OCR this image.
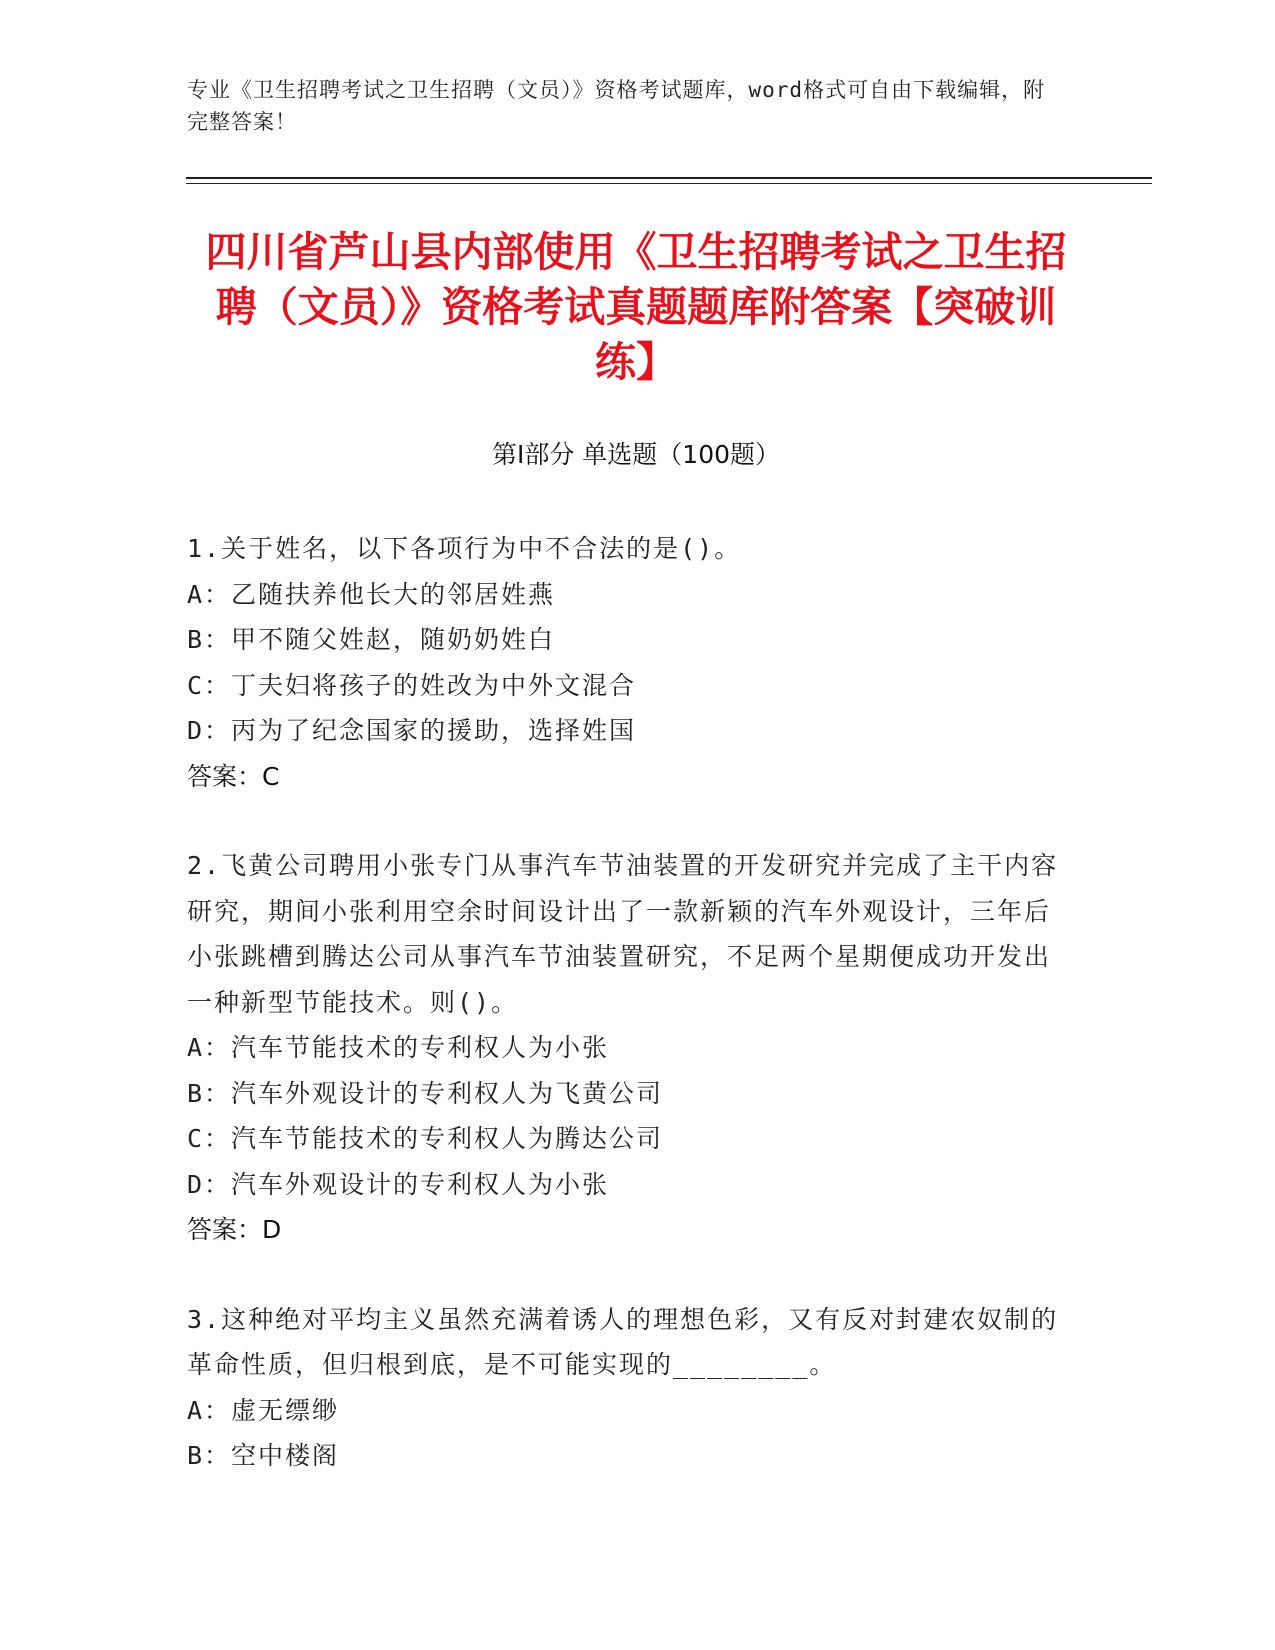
专业《卫生招聘考试之卫生招聘（文员）》资格考试题库，word格式可自由下载编辑，附完整答案！
四川省芦山县内部使用《卫生招聘考试之卫生招聘（文员）》资格考试真题题库附答案【突破训练】
第Ⅰ部分 单选题（100题）
1.关于姓名，以下各项行为中不合法的是()。
A：乙随扶养他长大的邻居姓燕
B：甲不随父姓赵，随奶奶姓白
C：丁夫妇将孩子的姓改为中外文混合
D：丙为了纪念国家的援助，选择姓国
答案：C
2.飞黄公司聘用小张专门从事汽车节油装置的开发研究并完成了主干内容研究，期间小张利用空余时间设计出了一款新颖的汽车外观设计，三年后小张跳槽到腾达公司从事汽车节油装置研究，不足两个星期便成功开发出一种新型节能技术。则()。
A：汽车节能技术的专利权人为小张
B：汽车外观设计的专利权人为飞黄公司
C：汽车节能技术的专利权人为腾达公司
D：汽车外观设计的专利权人为小张
答案：D
3.这种绝对平均主义虽然充满着诱人的理想色彩，又有反对封建农奴制的革命性质，但归根到底，是不可能实现的________。
A：虚无缥缈
B：空中楼阁
